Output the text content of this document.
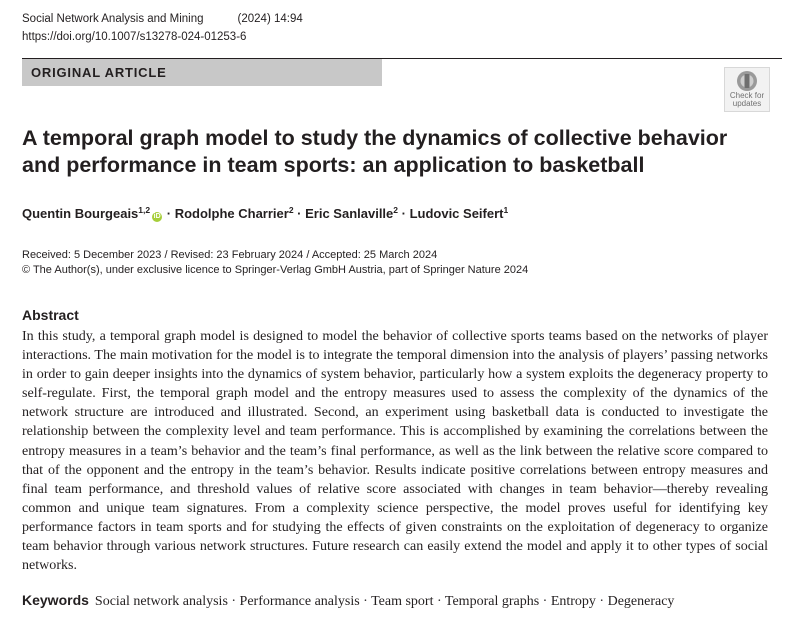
Social Network Analysis and Mining	(2024) 14:94
https://doi.org/10.1007/s13278-024-01253-6
ORIGINAL ARTICLE
Check for
updates
A temporal graph model to study the dynamics of collective behavior and performance in team sports: an application to basketball
Quentin Bourgeais$^{1,2}$iD · Rodolphe Charrier$^2$ · Eric Sanlaville$^2$ · Ludovic Seifert$^1$
Received: 5 December 2023 / Revised: 23 February 2024 / Accepted: 25 March 2024
© The Author(s), under exclusive licence to Springer-Verlag GmbH Austria, part of Springer Nature 2024
Abstract
In this study, a temporal graph model is designed to model the behavior of collective sports teams based on the networks of player interactions. The main motivation for the model is to integrate the temporal dimension into the analysis of players’ passing networks in order to gain deeper insights into the dynamics of system behavior, particularly how a system exploits the degeneracy property to self-regulate. First, the temporal graph model and the entropy measures used to assess the complexity of the dynamics of the network structure are introduced and illustrated. Second, an experiment using basketball data is conducted to investigate the relationship between the complexity level and team performance. This is accomplished by examining the correlations between the entropy measures in a team’s behavior and the team’s final performance, as well as the link between the relative score compared to that of the opponent and the entropy in the team’s behavior. Results indicate positive correlations between entropy measures and final team performance, and threshold values of relative score associated with changes in team behavior—thereby revealing common and unique team signatures. From a complexity science perspective, the model proves useful for identifying key performance factors in team sports and for studying the effects of given constraints on the exploitation of degeneracy to organize team behavior through various network structures. Future research can easily extend the model and apply it to other types of social networks.
Keywords Social network analysis · Performance analysis · Team sport · Temporal graphs · Entropy · Degeneracy
